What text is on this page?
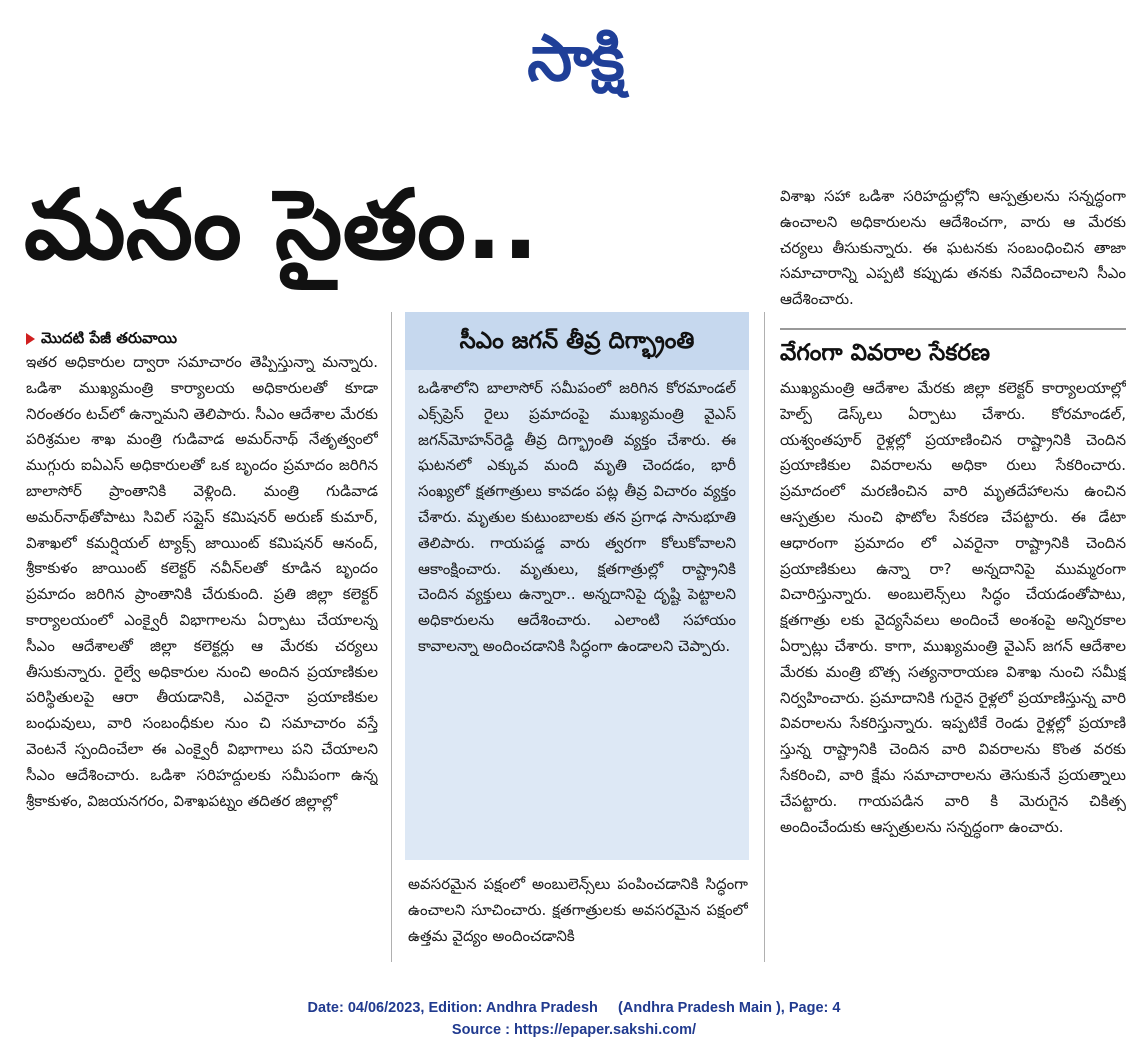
సాక్షి
మనం సైతం..
మొదటి పేజీ తరువాయి

ఇతర అధికారుల ద్వారా సమాచారం తెప్పిస్తున్నా మన్నారు. ఒడిశా ముఖ్యమంత్రి కార్యాలయ అధికారులతో కూడా నిరంతరం టచ్‌లో ఉన్నామని తెలిపారు. సీఎం ఆదేశాల మేరకు పరిశ్రమల శాఖ మంత్రి గుడివాడ అమర్‌నాథ్‌ నేతృత్వంలో ముగ్గురు ఐఏఎస్‌ అధికారులతో ఒక బృందం ప్రమాదం జరిగిన బాలాసోర్‌ ప్రాంతానికి వెళ్లింది. మంత్రి గుడివాడ అమర్‌నాథ్‌తోపాటు సివిల్‌ సప్లైస్‌ కమిషనర్‌ అరుణ్‌ కుమార్‌, విశాఖలో కమర్షియల్‌ ట్యాక్స్‌ జాయింట్‌ కమిషనర్‌ ఆనంద్‌, శ్రీకాకుళం జాయింట్‌ కలెక్టర్‌ నవీన్‌లతో కూడిన బృందం ప్రమాదం జరిగిన ప్రాంతానికి చేరుకుంది. ప్రతి జిల్లా కలెక్టర్‌ కార్యాలయంలో ఎంక్వైరీ విభాగాలను ఏర్పాటు చేయాలన్న సీఎం ఆదేశాలతో జిల్లా కలెక్టర్లు ఆ మేరకు చర్యలు తీసుకున్నారు. రైల్వే అధికారుల నుంచి అందిన ప్రయాణికుల పరిస్థితులపై ఆరా తీయడానికి, ఎవరైనా ప్రయాణికుల బంధువులు, వారి సంబంధీకుల నుం చి సమాచారం వస్తే వెంటనే స్పందించేలా ఈ ఎంక్వైరీ విభాగాలు పని చేయాలని సీఎం ఆదేశించారు. ఒడిశా సరిహద్దులకు సమీపంగా ఉన్న శ్రీకాకుళం, విజయనగరం, విశాఖపట్నం తదితర జిల్లాల్లో

సీఎం జగన్‌ తీవ్ర దిగ్భ్రాంతి

ఒడిశాలోని బాలాసోర్‌ సమీపంలో జరిగిన కోరమాండల్‌ ఎక్స్‌ప్రెస్‌ రైలు ప్రమాదంపై ముఖ్యమంత్రి వైఎస్‌ జగన్‌మోహన్‌రెడ్డి తీవ్ర దిగ్భ్రాంతి వ్యక్తం చేశారు. ఈ ఘటనలో ఎక్కువ మంది మృతి చెందడం, భారీ సంఖ్యలో క్షతగాత్రులు కావడం పట్ల తీవ్ర విచారం వ్యక్తం చేశారు. మృతుల కుటుంబాలకు తన ప్రగాఢ సానుభూతి తెలిపారు. గాయపడ్డ వారు త్వరగా కోలుకోవాలని ఆకాంక్షించారు. మృతులు, క్షతగాత్రుల్లో రాష్ట్రానికి చెందిన వ్యక్తులు ఉన్నారా.. అన్నదానిపై దృష్టి పెట్టాలని అధికారులను ఆదేశించారు. ఎలాంటి సహాయం కావాలన్నా అందించడానికి సిద్ధంగా ఉండాలని చెప్పారు.

అవసరమైన పక్షంలో అంబులెన్స్‌లు పంపించడానికి సిద్ధంగా ఉంచాలని సూచించారు. క్షతగాత్రులకు అవసరమైన పక్షంలో ఉత్తమ వైద్యం అందించడానికి

విశాఖ సహా ఒడిశా సరిహద్దుల్లోని ఆస్పత్రులను సన్నద్ధంగా ఉంచాలని అధికారులను ఆదేశించగా, వారు ఆ మేరకు చర్యలు తీసుకున్నారు. ఈ ఘటనకు సంబంధించిన తాజా సమాచారాన్ని ఎప్పటి కప్పుడు తనకు నివేదించాలని సీఎం ఆదేశించారు.

వేగంగా వివరాల సేకరణ

ముఖ్యమంత్రి ఆదేశాల మేరకు జిల్లా కలెక్టర్‌ కార్యాలయాల్లో హెల్ప్‌ డెస్క్‌లు ఏర్పాటు చేశారు. కోరమాండల్‌, యశ్వంతపూర్‌ రైళ్లల్లో ప్రయాణించిన రాష్ట్రానికి చెందిన ప్రయాణికుల వివరాలను అధికా రులు సేకరించారు. ప్రమాదంలో మరణించిన వారి మృతదేహాలను ఉంచిన ఆస్పత్రుల నుంచి ఫొటోల సేకరణ చేపట్టారు. ఈ డేటా ఆధారంగా ప్రమాదం లో ఎవరైనా రాష్ట్రానికి చెందిన ప్రయాణికులు ఉన్నా రా? అన్నదానిపై ముమ్మరంగా విచారిస్తున్నారు. అంబులెన్స్‌లు సిద్ధం చేయడంతోపాటు, క్షతగాత్రు లకు వైద్యసేవలు అందించే అంశంపై అన్నిరకాల ఏర్పాట్లు చేశారు. కాగా, ముఖ్యమంత్రి వైఎస్‌ జగన్‌ ఆదేశాల మేరకు మంత్రి బొత్స సత్యనారాయణ విశాఖ నుంచి సమీక్ష నిర్వహించారు. ప్రమాదానికి గురైన రైళ్లలో ప్రయాణిస్తున్న వారి వివరాలను సేకరిస్తున్నారు. ఇప్పటికే రెండు రైళ్లల్లో ప్రయాణి స్తున్న రాష్ట్రానికి చెందిన వారి వివరాలను కొంత వరకు సేకరించి, వారి క్షేమ సమాచారాలను తెసుకునే ప్రయత్నాలు చేపట్టారు. గాయపడిన వారి కి మెరుగైన చికిత్స అందించేందుకు ఆస్పత్రులను సన్నద్ధంగా ఉంచారు.

Date: 04/06/2023, Edition: Andhra Pradesh     (Andhra Pradesh Main ), Page: 4
Source : https://epaper.sakshi.com/
